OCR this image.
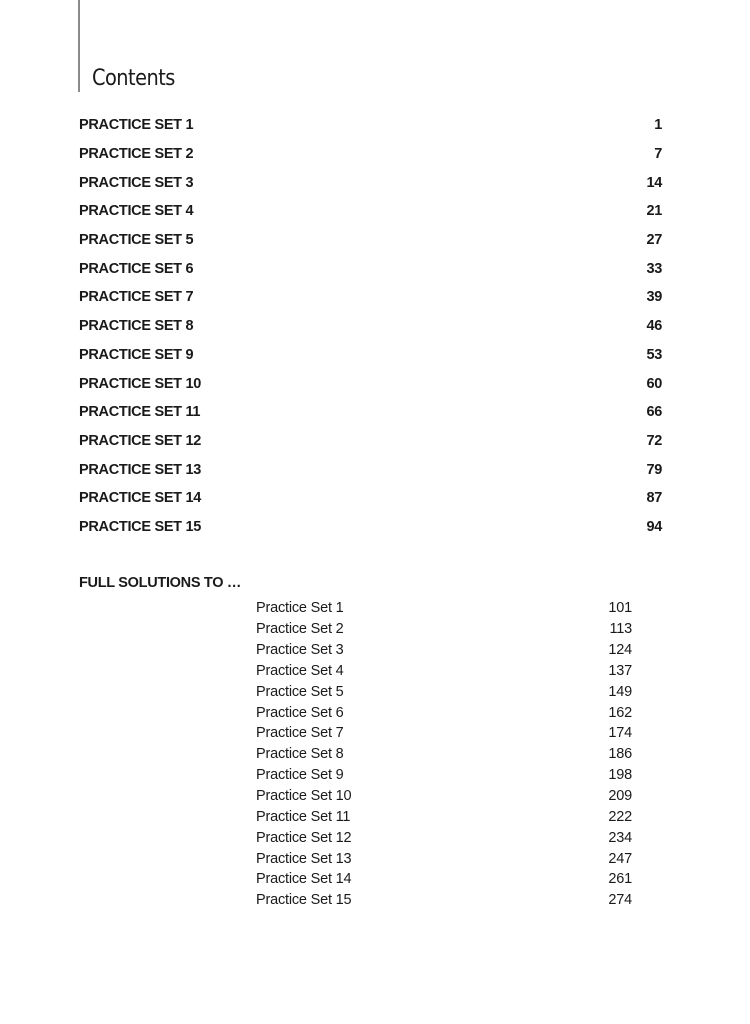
Contents
PRACTICE SET 1	1
PRACTICE SET 2	7
PRACTICE SET 3	14
PRACTICE SET 4	21
PRACTICE SET 5	27
PRACTICE SET 6	33
PRACTICE SET 7	39
PRACTICE SET 8	46
PRACTICE SET 9	53
PRACTICE SET 10	60
PRACTICE SET 11	66
PRACTICE SET 12	72
PRACTICE SET 13	79
PRACTICE SET 14	87
PRACTICE SET 15	94
FULL SOLUTIONS TO …
Practice Set 1	101
Practice Set 2	113
Practice Set 3	124
Practice Set 4	137
Practice Set 5	149
Practice Set 6	162
Practice Set 7	174
Practice Set 8	186
Practice Set 9	198
Practice Set 10	209
Practice Set 11	222
Practice Set 12	234
Practice Set 13	247
Practice Set 14	261
Practice Set 15	274
